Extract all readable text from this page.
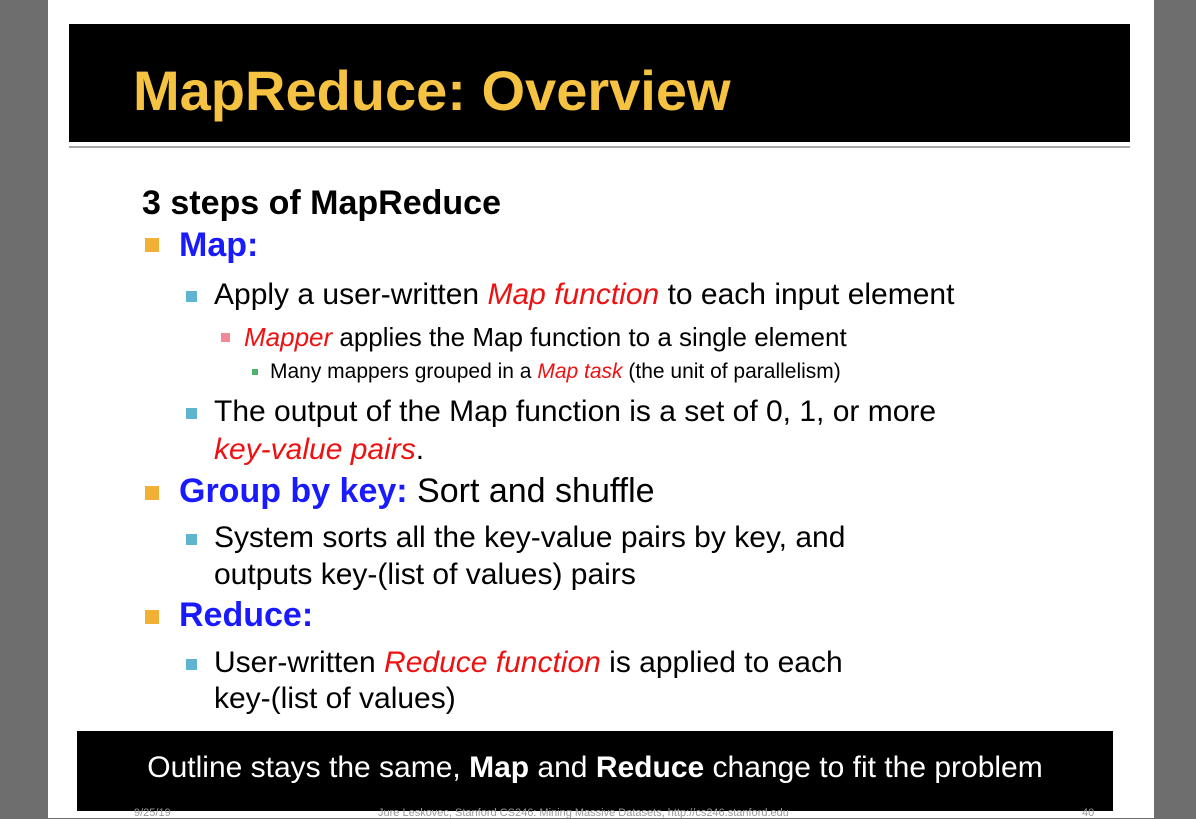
MapReduce: Overview
3 steps of MapReduce
Map:
Apply a user-written Map function to each input element
Mapper applies the Map function to a single element
Many mappers grouped in a Map task (the unit of parallelism)
The output of the Map function is a set of 0, 1, or more
key-value pairs.
Group by key: Sort and shuffle
System sorts all the key-value pairs by key, and
outputs key-(list of values) pairs
Reduce:
User-written Reduce function is applied to each
key-(list of values)
Outline stays the same, Map and Reduce change to fit the problem
9/25/19	Jure Leskovec, Stanford CS246: Mining Massive Datasets, http://cs246.stanford.edu	40
